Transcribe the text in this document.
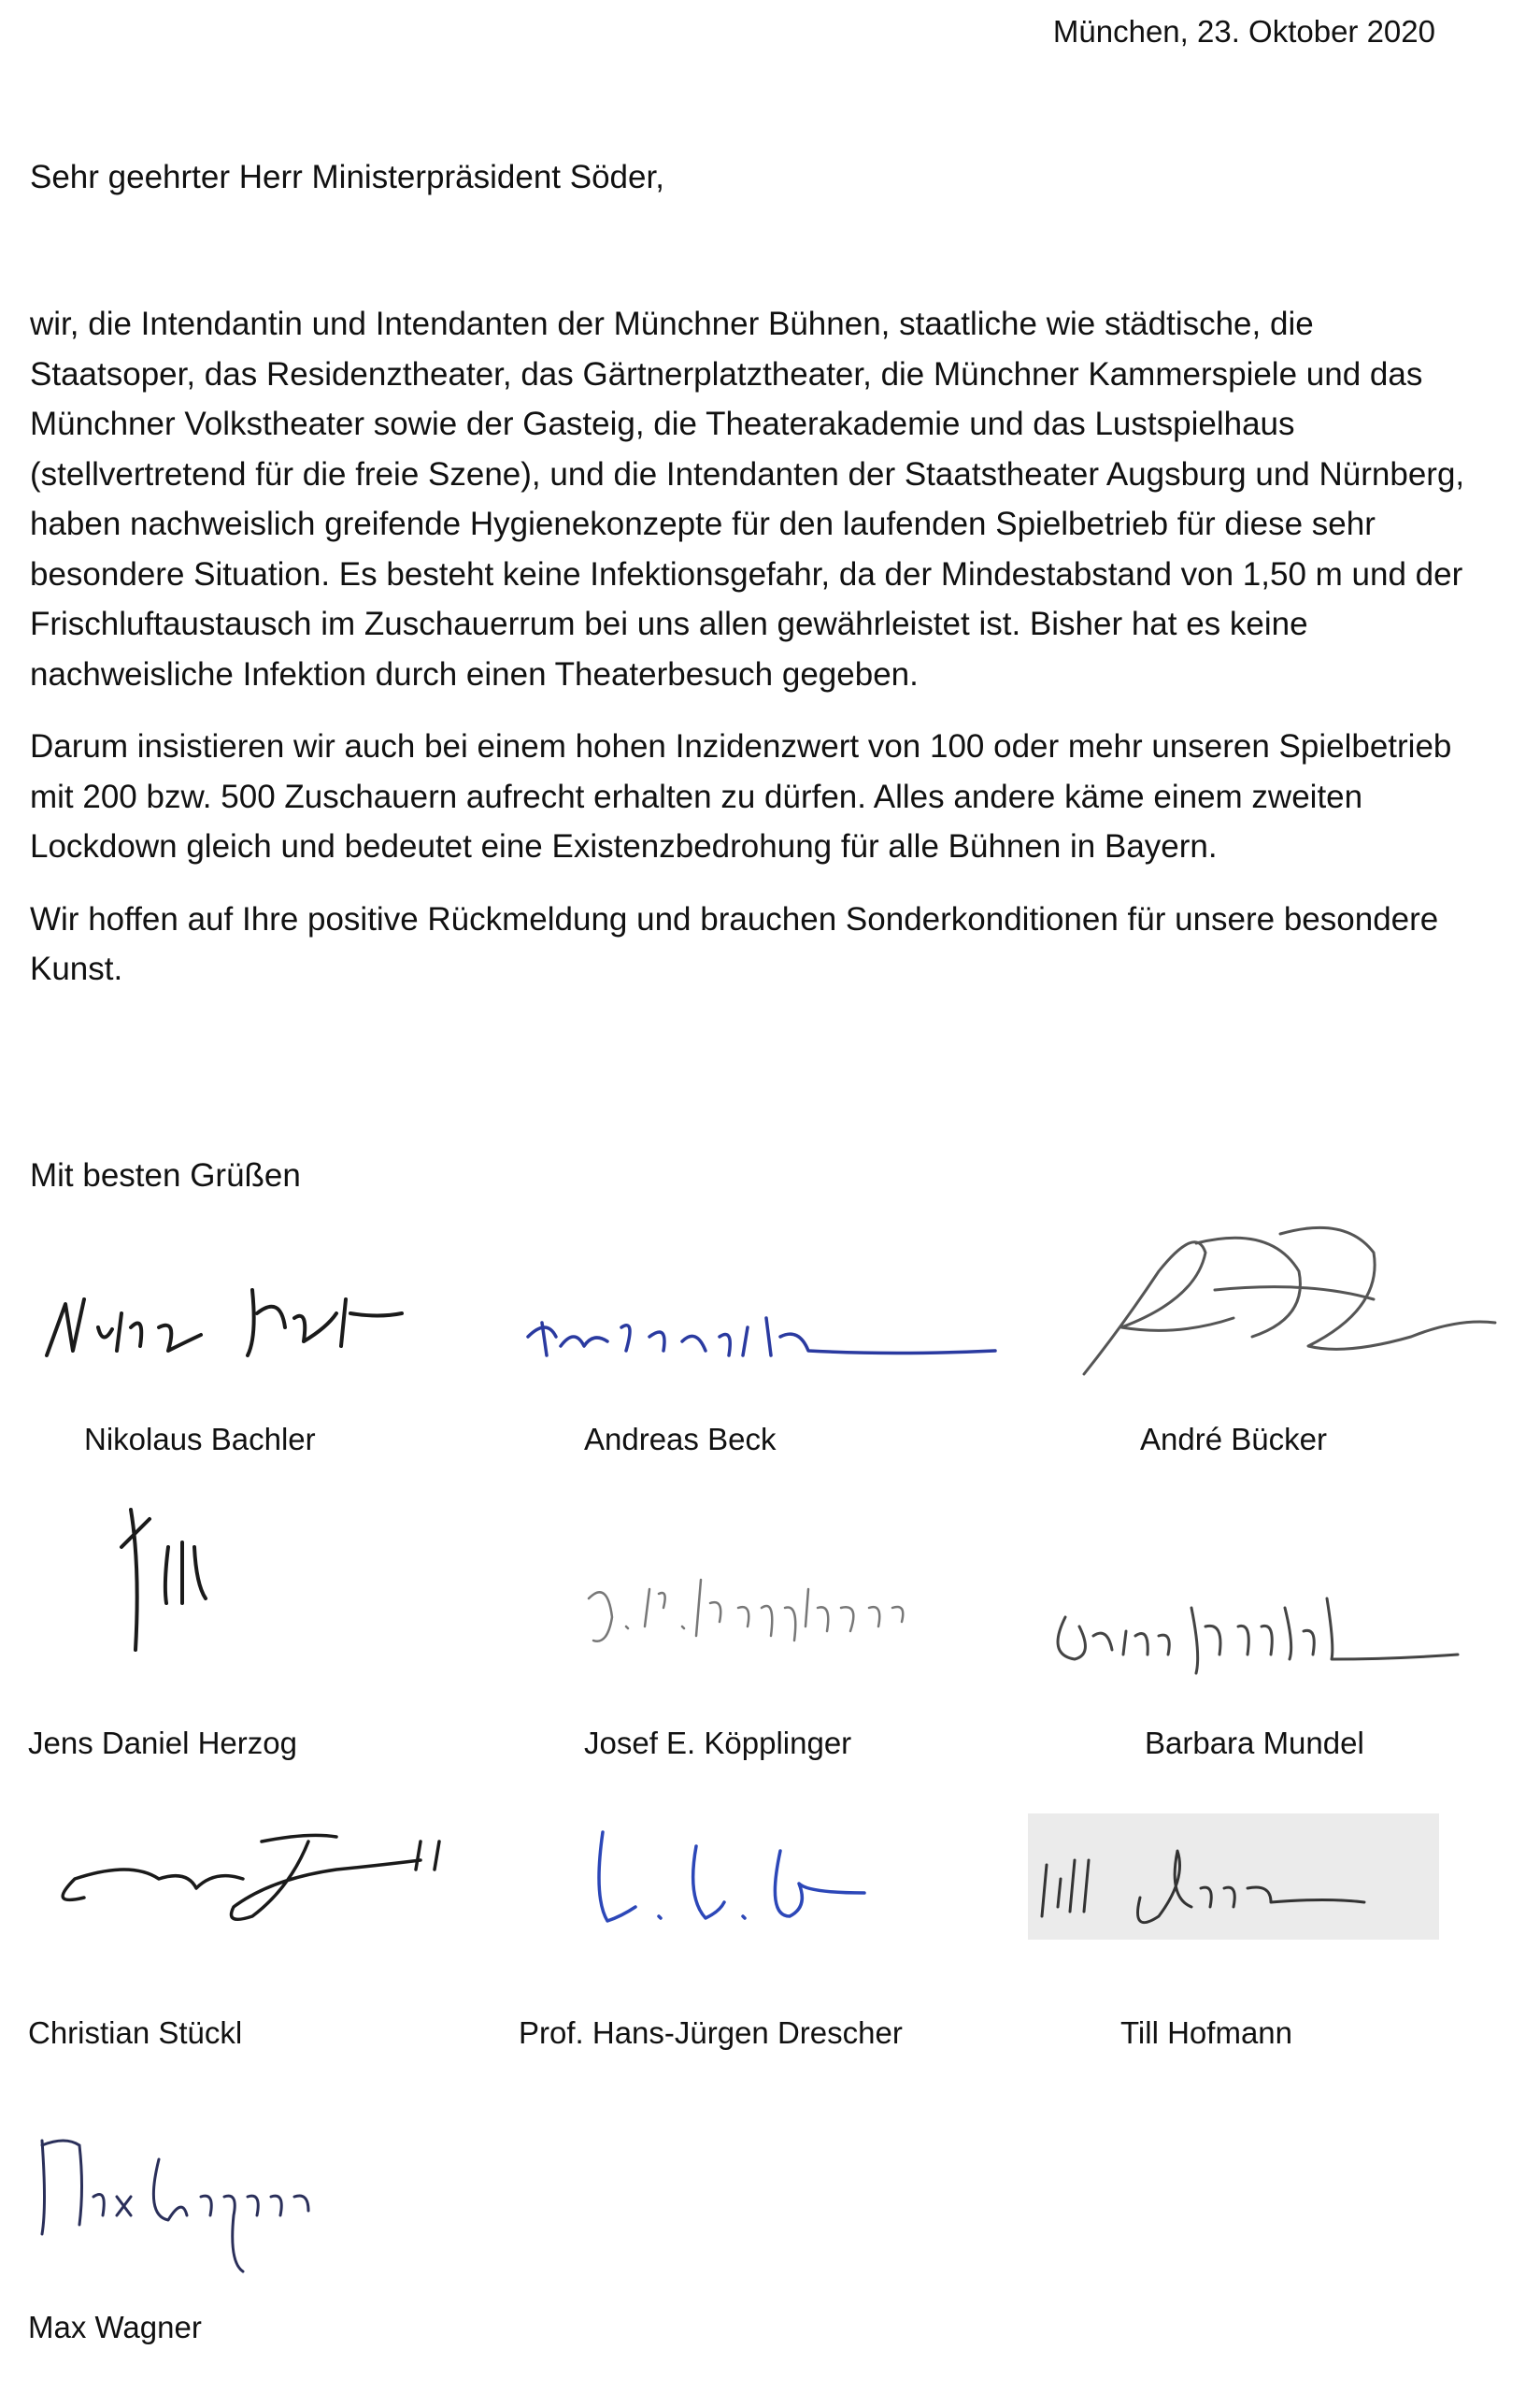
München, 23. Oktober 2020
Sehr geehrter Herr Ministerpräsident Söder,

wir, die Intendantin und Intendanten der Münchner Bühnen, staatliche wie städtische, die Staatsoper, das Residenztheater, das Gärtnerplatztheater, die Münchner Kammerspiele und das Münchner Volkstheater sowie der Gasteig, die Theaterakademie und das Lustspielhaus (stellvertretend für die freie Szene), und die Intendanten der Staatstheater Augsburg und Nürnberg, haben nachweislich greifende Hygienekonzepte für den laufenden Spielbetrieb für diese sehr besondere Situation. Es besteht keine Infektionsgefahr, da der Mindestabstand von 1,50 m und der Frischluftaustausch im Zuschauerrum bei uns allen gewährleistet ist. Bisher hat es keine nachweisliche Infektion durch einen Theaterbesuch gegeben.

Darum insistieren wir auch bei einem hohen Inzidenzwert von 100 oder mehr unseren Spielbetrieb mit 200 bzw. 500 Zuschauern aufrecht erhalten zu dürfen. Alles andere käme einem zweiten Lockdown gleich und bedeutet eine Existenzbedrohung für alle Bühnen in Bayern.

Wir hoffen auf Ihre positive Rückmeldung und brauchen Sonderkonditionen für unsere besondere Kunst.

Mit besten Grüßen
Nikolaus Bachler	Andreas Beck	André Bücker
Jens Daniel Herzog	Josef E. Köpplinger	Barbara Mundel
Christian Stückl	Prof. Hans-Jürgen Drescher	Till Hofmann
Max Wagner
